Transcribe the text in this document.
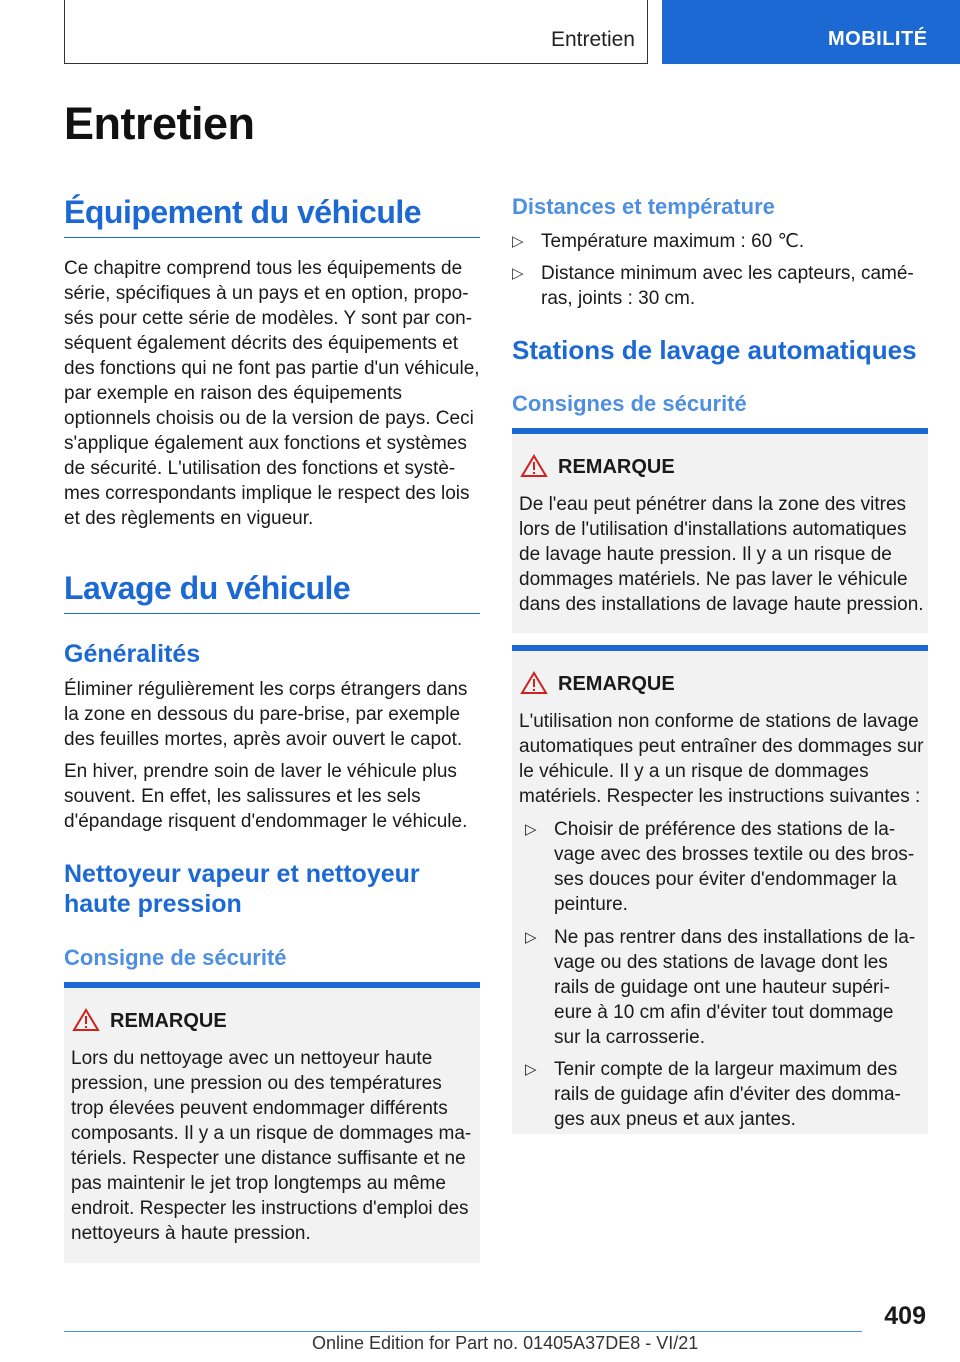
Entretien	MOBILITÉ
Entretien
Équipement du véhicule

Ce chapitre comprend tous les équipements de série, spécifiques à un pays et en option, proposés pour cette série de modèles. Y sont par conséquent également décrits des équipements et des fonctions qui ne font pas partie d'un véhicule, par exemple en raison des équipements optionnels choisis ou de la version de pays. Ceci s'applique également aux fonctions et systèmes de sécurité. L'utilisation des fonctions et systèmes correspondants implique le respect des lois et des règlements en vigueur.

Lavage du véhicule
Généralités

Éliminer régulièrement les corps étrangers dans la zone en dessous du pare-brise, par exemple des feuilles mortes, après avoir ouvert le capot.

En hiver, prendre soin de laver le véhicule plus souvent. En effet, les salissures et les sels d'épandage risquent d'endommager le véhicule.

Nettoyeur vapeur et nettoyeur haute pression
Consigne de sécurité
REMARQUE
Lors du nettoyage avec un nettoyeur haute pression, une pression ou des températures trop élevées peuvent endommager différents composants. Il y a un risque de dommages matériels. Respecter une distance suffisante et ne pas maintenir le jet trop longtemps au même endroit. Respecter les instructions d'emploi des nettoyeurs à haute pression.
Distances et température
▷ Température maximum : 60 ℃.
▷ Distance minimum avec les capteurs, caméras, joints : 30 cm.
Stations de lavage automatiques
Consignes de sécurité
REMARQUE
De l'eau peut pénétrer dans la zone des vitres lors de l'utilisation d'installations automatiques de lavage haute pression. Il y a un risque de dommages matériels. Ne pas laver le véhicule dans des installations de lavage haute pression.
REMARQUE
L'utilisation non conforme de stations de lavage automatiques peut entraîner des dommages sur le véhicule. Il y a un risque de dommages matériels. Respecter les instructions suivantes :
▷ Choisir de préférence des stations de lavage avec des brosses textile ou des brosses douces pour éviter d'endommager la peinture.
▷ Ne pas rentrer dans des installations de lavage ou des stations de lavage dont les rails de guidage ont une hauteur supérieure à 10 cm afin d'éviter tout dommage sur la carrosserie.
▷ Tenir compte de la largeur maximum des rails de guidage afin d'éviter des dommages aux pneus et aux jantes.
409
Online Edition for Part no. 01405A37DE8 - VI/21
